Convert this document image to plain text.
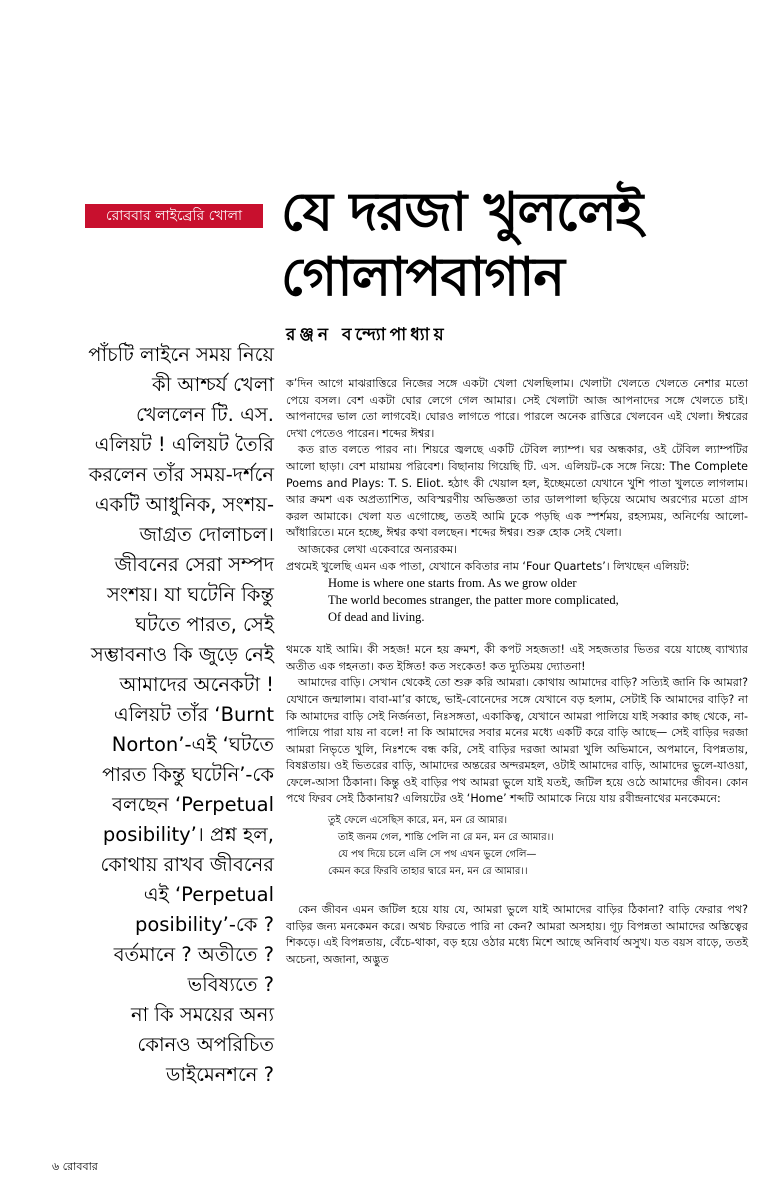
রোববার লাইব্রেরি খোলা যে দরজা খুললেই গোলাপবাগান
রঞ্জন বন্দ্যোপাধ্যায়
পাঁচটি লাইনে সময় নিয়ে
কী আশ্চর্য খেলা
খেললেন টি. এস.
এলিয়ট ! এলিয়ট তৈরি
করলেন তাঁর সময়-দর্শনে
একটি আধুনিক, সংশয়-
জাগ্রত দোলাচল।
জীবনের সেরা সম্পদ
সংশয়। যা ঘটেনি কিন্তু
ঘটতে পারত, সেই
সম্ভাবনাও কি জুড়ে নেই
আমাদের অনেকটা !
এলিয়ট তাঁর ‘Burnt
Norton’-এই ‘ঘটতে
পারত কিন্তু ঘটেনি’-কে
বলছেন ‘Perpetual
posibility’। প্রশ্ন হল,
কোথায় রাখব জীবনের
এই ‘Perpetual
posibility’-কে ?
বর্তমানে ? অতীতে ?
ভবিষ্যতে ?
না কি সময়ের অন্য
কোনও অপরিচিত
ডাইমেনশনে ?

ক’দিন আগে মাঝরাত্তিরে নিজের সঙ্গে একটা খেলা খেলছিলাম। খেলাটা খেলতে খেলতে নেশার মতো পেয়ে বসল। বেশ একটা ঘোর লেগে গেল আমার। সেই খেলাটা আজ আপনাদের সঙ্গে খেলতে চাই। আপনাদের ভাল তো লাগবেই। ঘোরও লাগতে পারে। পারলে অনেক রাত্তিরে খেলবেন এই খেলা। ঈশ্বরের দেখা পেতেও পারেন। শব্দের ঈশ্বর।

কত রাত বলতে পারব না। শিয়রে জ্বলছে একটি টেবিল ল্যাম্প। ঘর অন্ধকার, ওই টেবিল ল্যাম্পটির আলো ছাড়া। বেশ মায়াময় পরিবেশ। বিছানায় গিয়েছি টি. এস. এলিয়ট-কে সঙ্গে নিয়ে: The Complete Poems and Plays: T. S. Eliot. হঠাৎ কী খেয়াল হল, ইচ্ছেমতো যেখানে খুশি পাতা খুলতে লাগলাম। আর ক্রমশ এক অপ্রত্যাশিত, অবিস্মরণীয় অভিজ্ঞতা তার ডালপালা ছড়িয়ে অমোঘ অরণ্যের মতো গ্রাস করল আমাকে। খেলা যত এগোচ্ছে, ততই আমি ঢুকে পড়ছি এক স্পর্শময়, রহস্যময়, অনির্ণেয় আলো-আঁধারিতে। মনে হচ্ছে, ঈশ্বর কথা বলছেন। শব্দের ঈশ্বর। শুরু হোক সেই খেলা।

আজকের লেখা একেবারে অন্যরকম।

প্রথমেই খুলেছি এমন এক পাতা, যেখানে কবিতার নাম ‘Four Quartets’। লিখছেন এলিয়ট:

Home is where one starts from. As we grow older
The world becomes stranger, the patter more complicated,
Of dead and living.

থমকে যাই আমি। কী সহজ! মনে হয় ক্রমশ, কী কপট সহজতা! এই সহজতার ভিতর বয়ে যাচ্ছে ব্যাখ্যার অতীত এক গহনতা। কত ইঙ্গিত! কত সংকেত! কত দ্যুতিময় দ্যোতনা!

আমাদের বাড়ি। সেখান থেকেই তো শুরু করি আমরা। কোথায় আমাদের বাড়ি? সত্যিই জানি কি আমরা? যেখানে জন্মালাম। বাবা-মা’র কাছে, ভাই-বোনেদের সঙ্গে যেখানে বড় হলাম, সেটাই কি আমাদের বাড়ি? না কি আমাদের বাড়ি সেই নির্জনতা, নিঃসঙ্গতা, একাকিত্ব, যেখানে আমরা পালিয়ে যাই সব্বার কাছ থেকে, না-পালিয়ে পারা যায় না বলে! না কি আমাদের সবার মনের মধ্যে একটি করে বাড়ি আছে— সেই বাড়ির দরজা আমরা নিভৃতে খুলি, নিঃশব্দে বন্ধ করি, সেই বাড়ির দরজা আমরা খুলি অভিমানে, অপমানে, বিপন্নতায়, বিষণ্ণতায়। ওই ভিতরের বাড়ি, আমাদের অন্তরের অন্দরমহল, ওটাই আমাদের বাড়ি, আমাদের ভুলে-যাওয়া, ফেলে-আসা ঠিকানা। কিন্তু ওই বাড়ির পথ আমরা ভুলে যাই যতই, জটিল হয়ে ওঠে আমাদের জীবন। কোন পথে ফিরব সেই ঠিকানায়? এলিয়টের ওই ‘Home’ শব্দটি আমাকে নিয়ে যায় রবীন্দ্রনাথের মনকেমনে:

তুই ফেলে এসেছিস কারে, মন, মন রে আমার।
তাই জনম গেল, শান্তি পেলি না রে মন, মন রে আমার।।
যে পথ দিয়ে চলে এলি সে পথ এখন ভুলে গেলি—
কেমন করে ফিরবি তাহার দ্বারে মন, মন রে আমার।।

কেন জীবন এমন জটিল হয়ে যায় যে, আমরা ভুলে যাই আমাদের বাড়ির ঠিকানা? বাড়ি ফেরার পথ? বাড়ির জন্য মনকেমন করে। অথচ ফিরতে পারি না কেন? আমরা অসহায়। গূঢ় বিপন্নতা আমাদের অস্তিত্বের শিকড়ে। এই বিপন্নতায়, বেঁচে-থাকা, বড় হয়ে ওঠার মধ্যে মিশে আছে অনিবার্য অসুখ। যত বয়স বাড়ে, ততই অচেনা, অজানা, অদ্ভুত

৬ রোববার
